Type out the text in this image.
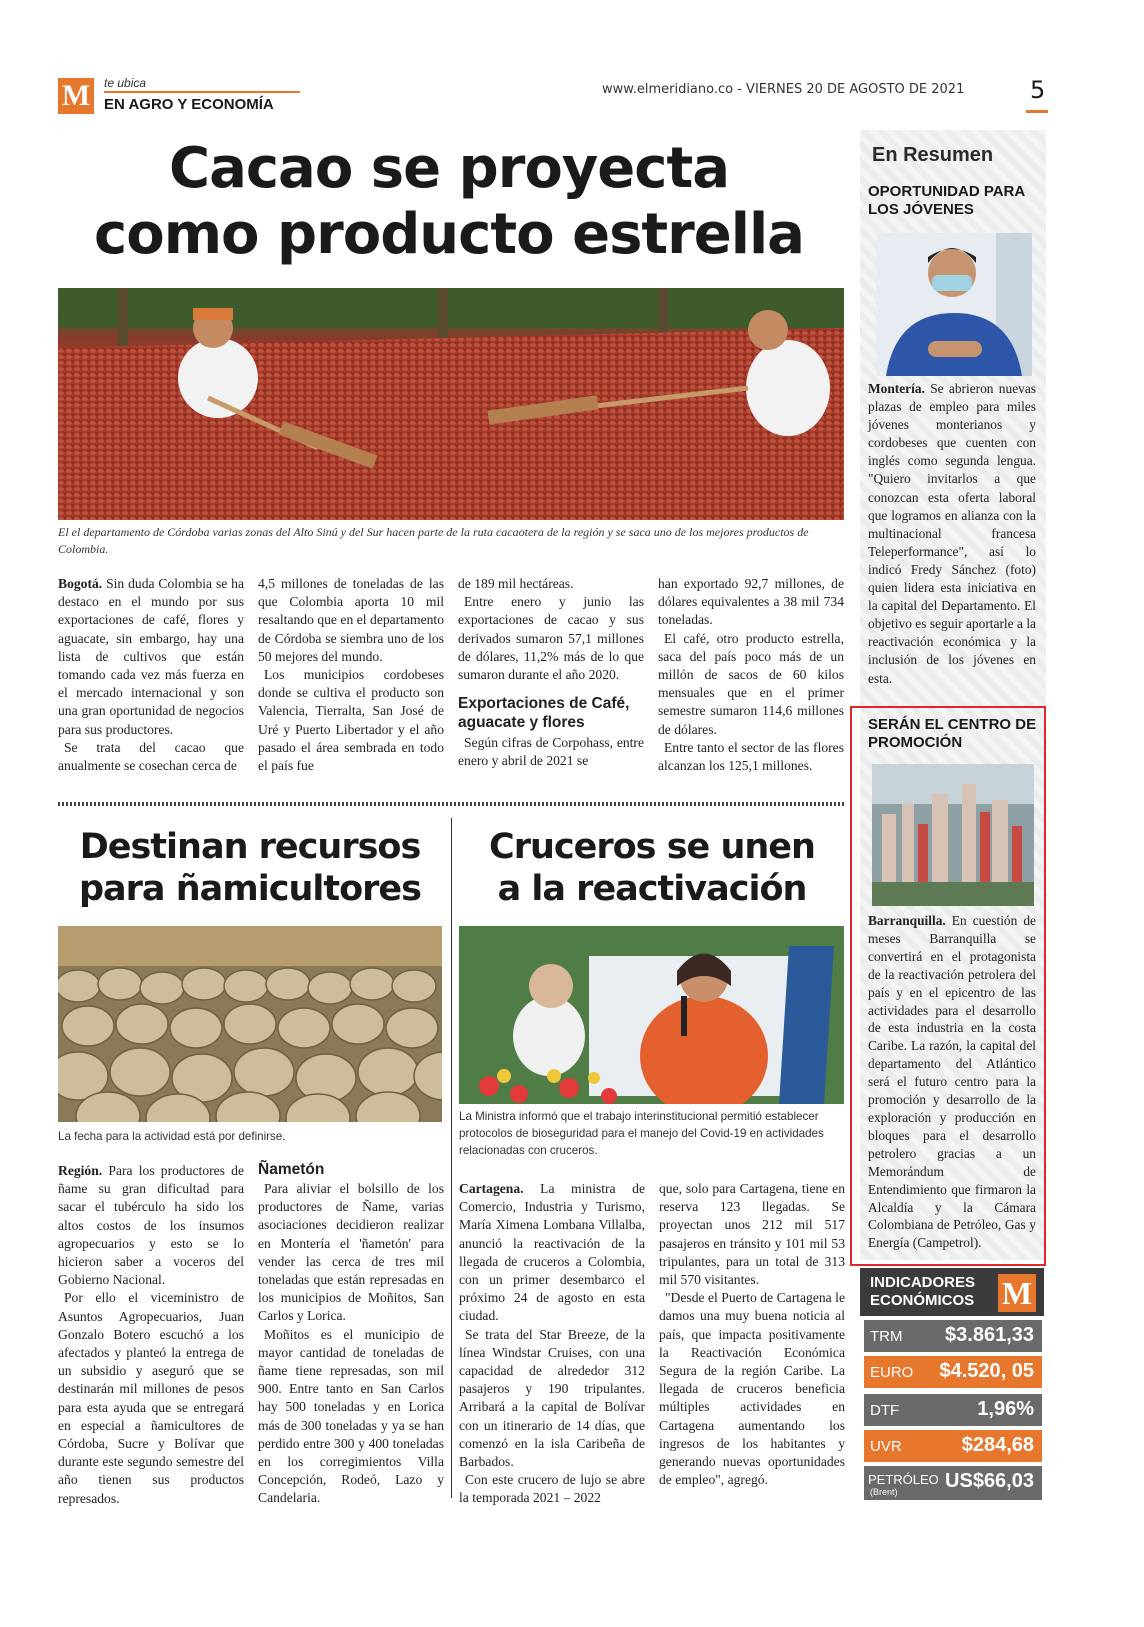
M	te ubica
EN AGRO Y ECONOMÍA
www.elmeridiano.co - VIERNES 20 DE AGOSTO DE 2021	5
Cacao se proyecta
como producto estrella
El el departamento de Córdoba varias zonas del Alto Sinú y del Sur hacen parte de la ruta cacaotera de la región y se saca uno de los mejores productos de Colombia.

Bogotá. Sin duda Colombia se ha destaco en el mundo por sus exportaciones de café, flores y aguacate, sin embargo, hay una lista de cultivos que están tomando cada vez más fuerza en el mercado internacional y son una gran oportunidad de negocios para sus productores.

Se trata del cacao que anualmente se cosechan cerca de

4,5 millones de toneladas de las que Colombia aporta 10 mil resaltando que en el departamento de Córdoba se siembra uno de los 50 mejores del mundo.

Los municipios cordobeses donde se cultiva el producto son Valencia, Tierralta, San José de Uré y Puerto Libertador y el año pasado el área sembrada en todo el país fue

de 189 mil hectáreas.

Entre enero y junio las exportaciones de cacao y sus derivados sumaron 57,1 millones de dólares, 11,2% más de lo que sumaron durante el año 2020.

Exportaciones de Café, aguacate y flores

Según cifras de Corpohass, entre enero y abril de 2021 se

han exportado 92,7 millones, de dólares equivalentes a 38 mil 734 toneladas.

El café, otro producto estrella, saca del país poco más de un millón de sacos de 60 kilos mensuales que en el primer semestre sumaron 114,6 millones de dólares.

Entre tanto el sector de las flores alcanzan los 125,1 millones.

Destinan recursos
para ñamicultores
La fecha para la actividad está por definirse.

Región. Para los productores de ñame su gran dificultad para sacar el tubérculo ha sido los altos costos de los insumos agropecuarios y esto se lo hicieron saber a voceros del Gobierno Nacional.

Por ello el viceministro de Asuntos Agropecuarios, Juan Gonzalo Botero escuchó a los afectados y planteó la entrega de un subsidio y aseguró que se destinarán mil millones de pesos para esta ayuda que se entregará en especial a ñamicultores de Córdoba, Sucre y Bolívar que durante este segundo semestre del año tienen sus productos represados.

Ñametón

Para aliviar el bolsillo de los productores de Ñame, varias asociaciones decidieron realizar en Montería el 'ñametón' para vender las cerca de tres mil toneladas que están represadas en los municipios de Moñitos, San Carlos y Lorica.

Moñitos es el municipio de mayor cantidad de toneladas de ñame tiene represadas, son mil 900. Entre tanto en San Carlos hay 500 toneladas y en Lorica más de 300 toneladas y ya se han perdido entre 300 y 400 toneladas en los corregimientos Villa Concepción, Rodeó, Lazo y Candelaria.

Cruceros se unen
a la reactivación
La Ministra informó que el trabajo interinstitucional permitió establecer protocolos de bioseguridad para el manejo del Covid-19 en actividades relacionadas con cruceros.

Cartagena. La ministra de Comercio, Industria y Turismo, María Ximena Lombana Villalba, anunció la reactivación de la llegada de cruceros a Colombia, con un primer desembarco el próximo 24 de agosto en esta ciudad.

Se trata del Star Breeze, de la línea Windstar Cruises, con una capacidad de alrededor 312 pasajeros y 190 tripulantes. Arribará a la capital de Bolívar con un itinerario de 14 días, que comenzó en la isla Caribeña de Barbados.

Con este crucero de lujo se abre la temporada 2021 – 2022

que, solo para Cartagena, tiene en reserva 123 llegadas. Se proyectan unos 212 mil 517 pasajeros en tránsito y 101 mil 53 tripulantes, para un total de 313 mil 570 visitantes.

"Desde el Puerto de Cartagena le damos una muy buena noticia al país, que impacta positivamente la Reactivación Económica Segura de la región Caribe. La llegada de cruceros beneficia múltiples actividades en Cartagena aumentando los ingresos de los habitantes y generando nuevas oportunidades de empleo", agregó.

En Resumen
OPORTUNIDAD PARA LOS JÓVENES

Montería. Se abrieron nuevas plazas de empleo para miles jóvenes monterianos y cordobeses que cuenten con inglés como segunda lengua. "Quiero invitarlos a que conozcan esta oferta laboral que logramos en alianza con la multinacional francesa Teleperformance", así lo indicó Fredy Sánchez (foto) quien lidera esta iniciativa en la capital del Departamento. El objetivo es seguir aportarle a la reactivación económica y la inclusión de los jóvenes en esta.

SERÁN EL CENTRO DE PROMOCIÓN

Barranquilla. En cuestión de meses Barranquilla se convertirá en el protagonista de la reactivación petrolera del país y en el epicentro de las actividades para el desarrollo de esta industria en la costa Caribe. La razón, la capital del departamento del Atlántico será el futuro centro para la promoción y desarrollo de la exploración y producción en bloques para el desarrollo petrolero gracias a un Memorándum de Entendimiento que firmaron la Alcaldía y la Cámara Colombiana de Petróleo, Gas y Energía (Campetrol).

INDICADORES
ECONÓMICOS M
TRM $3.861,33
EURO $4.520, 05
DTF	1,96%
UVR	$284,68
PETRÓLEO
(Brent) US$66,03
